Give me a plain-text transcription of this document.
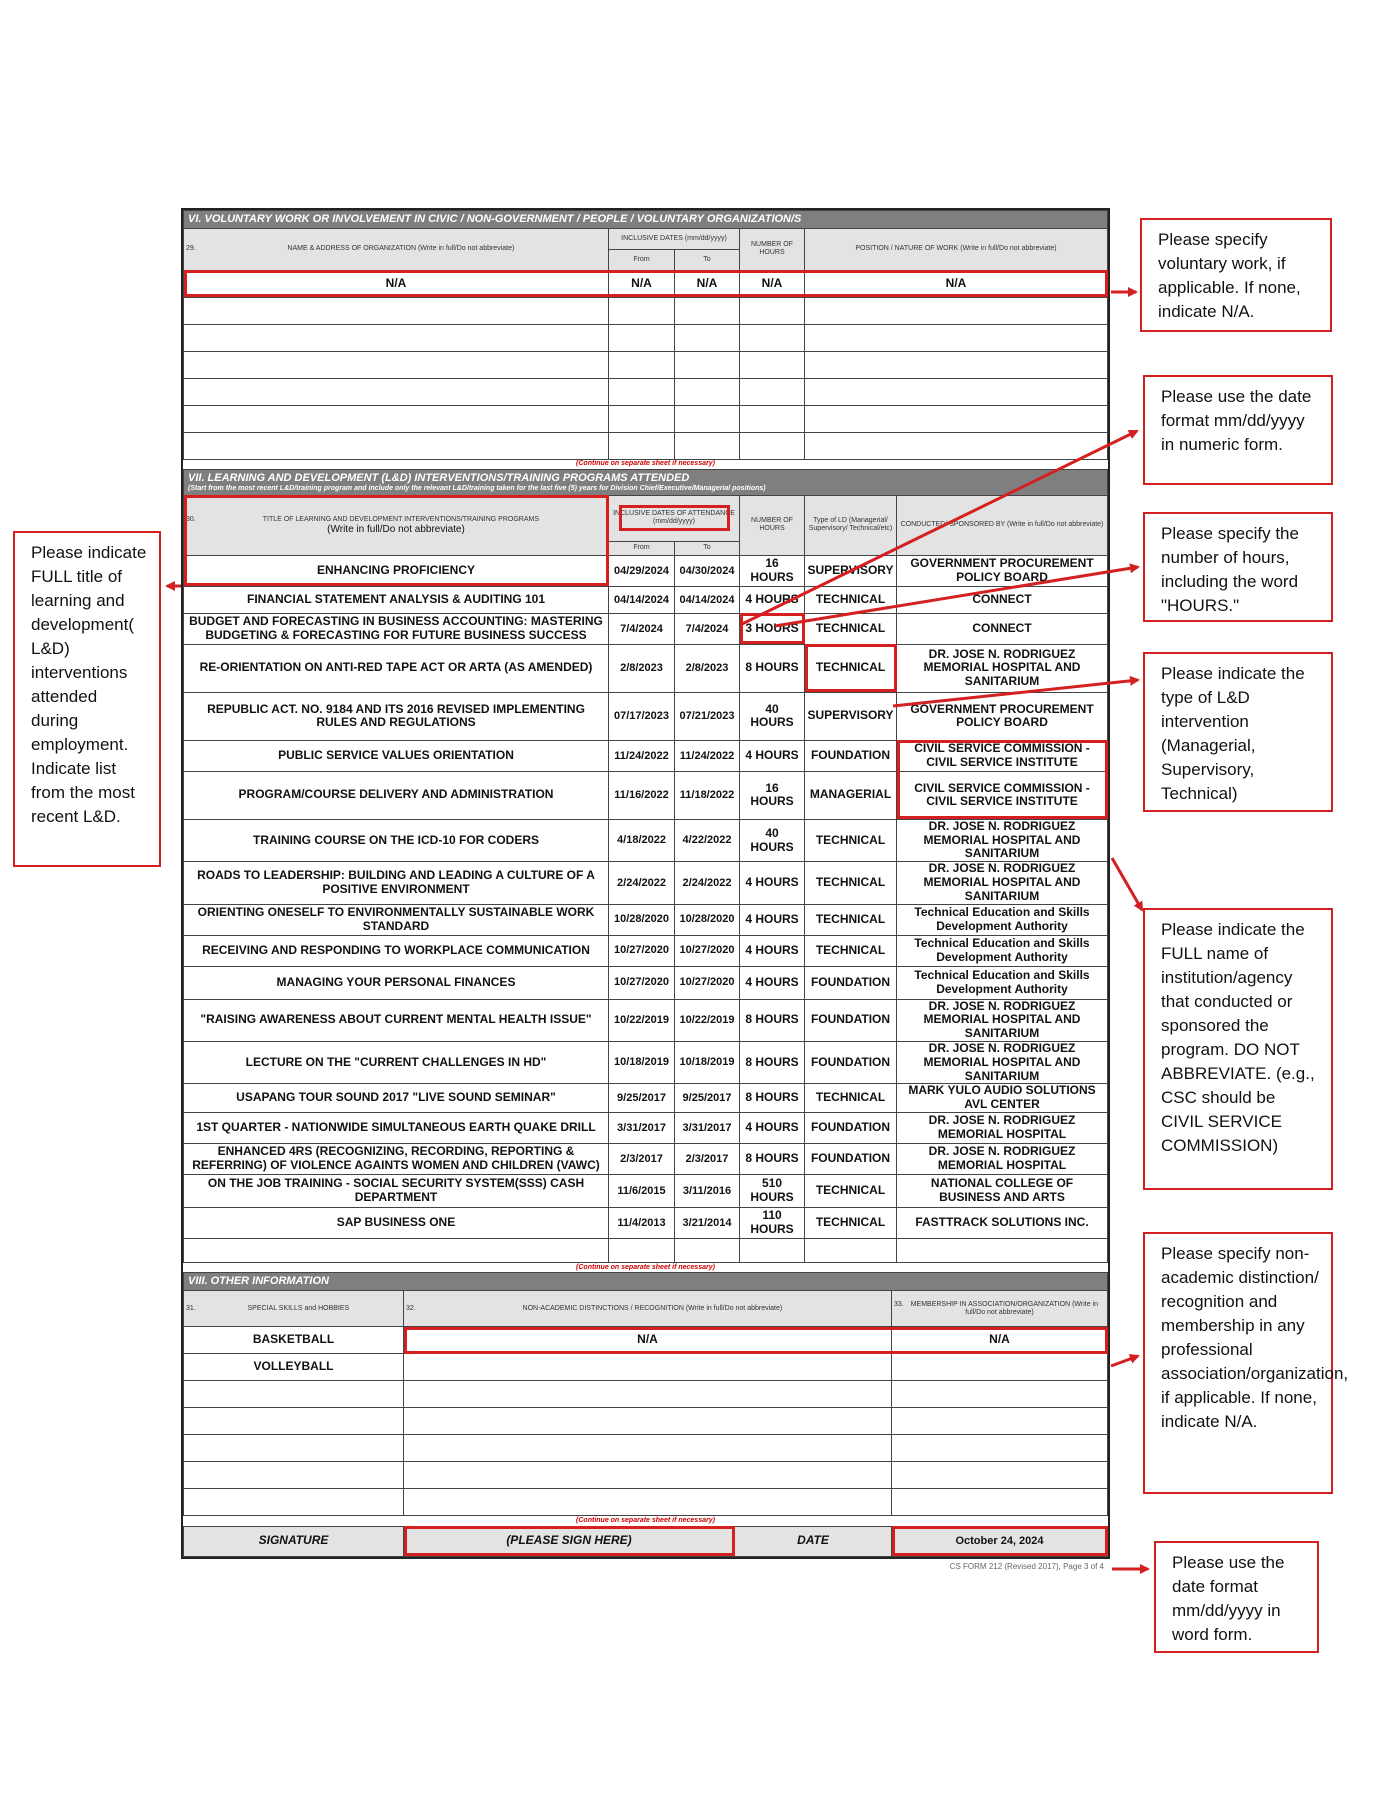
VI. VOLUNTARY WORK OR INVOLVEMENT IN CIVIC / NON-GOVERNMENT / PEOPLE / VOLUNTARY ORGANIZATION/S				

29. NAME & ADDRESS OF ORGANIZATION (Write in full/Do not abbreviate)	INCLUSIVE DATES (mm/dd/yyyy)		NUMBER OF HOURS	POSITION / NATURE OF WORK (Write in full/Do not abbreviate)
	From	To		
N/A	N/A	N/A	N/A	N/A

(Continue on separate sheet if necessary)				
VII. LEARNING AND DEVELOPMENT (L&D) INTERVENTIONS/TRAINING PROGRAMS ATTENDED
(Start from the most recent L&D/training program and include only the relevant L&D/training taken for the last five (5) years for Division Chief/Executive/Managerial positions)					

30. TITLE OF LEARNING AND DEVELOPMENT INTERVENTIONS/TRAINING PROGRAMS
(Write in full/Do not abbreviate)	INCLUSIVE DATES OF ATTENDANCE
(mm/dd/yyyy)		NUMBER OF HOURS	Type of LD (Managerial/ Supervisory/ Technical/etc)	CONDUCTED/ SPONSORED BY (Write in full/Do not abbreviate)
	From	To			
ENHANCING PROFICIENCY	04/29/2024	04/30/2024	16 HOURS	SUPERVISORY	GOVERNMENT PROCUREMENT POLICY BOARD
FINANCIAL STATEMENT ANALYSIS & AUDITING 101	04/14/2024	04/14/2024	4 HOURS	TECHNICAL	CONNECT
BUDGET AND FORECASTING IN BUSINESS ACCOUNTING: MASTERING BUDGETING & FORECASTING FOR FUTURE BUSINESS SUCCESS	7/4/2024	7/4/2024	3 HOURS	TECHNICAL	CONNECT
RE-ORIENTATION ON ANTI-RED TAPE ACT OR ARTA (AS AMENDED)	2/8/2023	2/8/2023	8 HOURS	TECHNICAL	DR. JOSE N. RODRIGUEZ MEMORIAL HOSPITAL AND SANITARIUM
REPUBLIC ACT. NO. 9184 AND ITS 2016 REVISED IMPLEMENTING RULES AND REGULATIONS	07/17/2023	07/21/2023	40 HOURS	SUPERVISORY	GOVERNMENT PROCUREMENT POLICY BOARD
PUBLIC SERVICE VALUES ORIENTATION	11/24/2022	11/24/2022	4 HOURS	FOUNDATION	CIVIL SERVICE COMMISSION - CIVIL SERVICE INSTITUTE
PROGRAM/COURSE DELIVERY AND ADMINISTRATION	11/16/2022	11/18/2022	16 HOURS	MANAGERIAL	CIVIL SERVICE COMMISSION - CIVIL SERVICE INSTITUTE
TRAINING COURSE ON THE ICD-10 FOR CODERS	4/18/2022	4/22/2022	40 HOURS	TECHNICAL	DR. JOSE N. RODRIGUEZ MEMORIAL HOSPITAL AND SANITARIUM
ROADS TO LEADERSHIP: BUILDING AND LEADING A CULTURE OF A POSITIVE ENVIRONMENT	2/24/2022	2/24/2022	4 HOURS	TECHNICAL	DR. JOSE N. RODRIGUEZ MEMORIAL HOSPITAL AND SANITARIUM
ORIENTING ONESELF TO ENVIRONMENTALLY SUSTAINABLE WORK STANDARD	10/28/2020	10/28/2020	4 HOURS	TECHNICAL	Technical Education and Skills Development Authority
RECEIVING AND RESPONDING TO WORKPLACE COMMUNICATION	10/27/2020	10/27/2020	4 HOURS	TECHNICAL	Technical Education and Skills Development Authority
MANAGING YOUR PERSONAL FINANCES	10/27/2020	10/27/2020	4 HOURS	FOUNDATION	Technical Education and Skills Development Authority
"RAISING AWARENESS ABOUT CURRENT MENTAL HEALTH ISSUE"	10/22/2019	10/22/2019	8 HOURS	FOUNDATION	DR. JOSE N. RODRIGUEZ MEMORIAL HOSPITAL AND SANITARIUM
LECTURE ON THE "CURRENT CHALLENGES IN HD"	10/18/2019	10/18/2019	8 HOURS	FOUNDATION	DR. JOSE N. RODRIGUEZ MEMORIAL HOSPITAL AND SANITARIUM
USAPANG TOUR SOUND 2017 "LIVE SOUND SEMINAR"	9/25/2017	9/25/2017	8 HOURS	TECHNICAL	MARK YULO AUDIO SOLUTIONS AVL CENTER
1ST QUARTER - NATIONWIDE SIMULTANEOUS EARTH QUAKE DRILL	3/31/2017	3/31/2017	4 HOURS	FOUNDATION	DR. JOSE N. RODRIGUEZ MEMORIAL HOSPITAL
ENHANCED 4RS (RECOGNIZING, RECORDING, REPORTING & REFERRING) OF VIOLENCE AGAINTS WOMEN AND CHILDREN (VAWC)	2/3/2017	2/3/2017	8 HOURS	FOUNDATION	DR. JOSE N. RODRIGUEZ MEMORIAL HOSPITAL
ON THE JOB TRAINING - SOCIAL SECURITY SYSTEM(SSS) CASH DEPARTMENT	11/6/2015	3/11/2016	510 HOURS	TECHNICAL	NATIONAL COLLEGE OF BUSINESS AND ARTS
SAP BUSINESS ONE	11/4/2013	3/21/2014	110 HOURS	TECHNICAL	FASTTRACK SOLUTIONS INC.

(Continue on separate sheet if necessary)					
VIII. OTHER INFORMATION		

31. SPECIAL SKILLS and HOBBIES	32. NON-ACADEMIC DISTINCTIONS / RECOGNITION (Write in full/Do not abbreviate)	33. MEMBERSHIP IN ASSOCIATION/ORGANIZATION (Write in full/Do not abbreviate)
BASKETBALL	N/A	N/A
VOLLEYBALL		

(Continue on separate sheet if necessary)		
SIGNATURE	(PLEASE SIGN HERE)	DATE	October 24, 2024
CS FORM 212 (Revised 2017), Page 3 of 4
Please specify voluntary work, if applicable. If none, indicate N/A.
Please use the date format mm/dd/yyyy in numeric form.
Please specify the number of hours, including the word "HOURS."
Please indicate the type of L&D intervention (Managerial, Supervisory, Technical)
Please indicate FULL title of learning and development( L&D) interventions attended during employment. Indicate list from the most recent L&D.
Please indicate the FULL name of institution/agency that conducted or sponsored the program. DO NOT ABBREVIATE. (e.g., CSC should be CIVIL SERVICE COMMISSION)
Please specify non-academic distinction/ recognition and membership in any professional association/organization, if applicable. If none, indicate N/A.
Please use the date format mm/dd/yyyy in word form.
